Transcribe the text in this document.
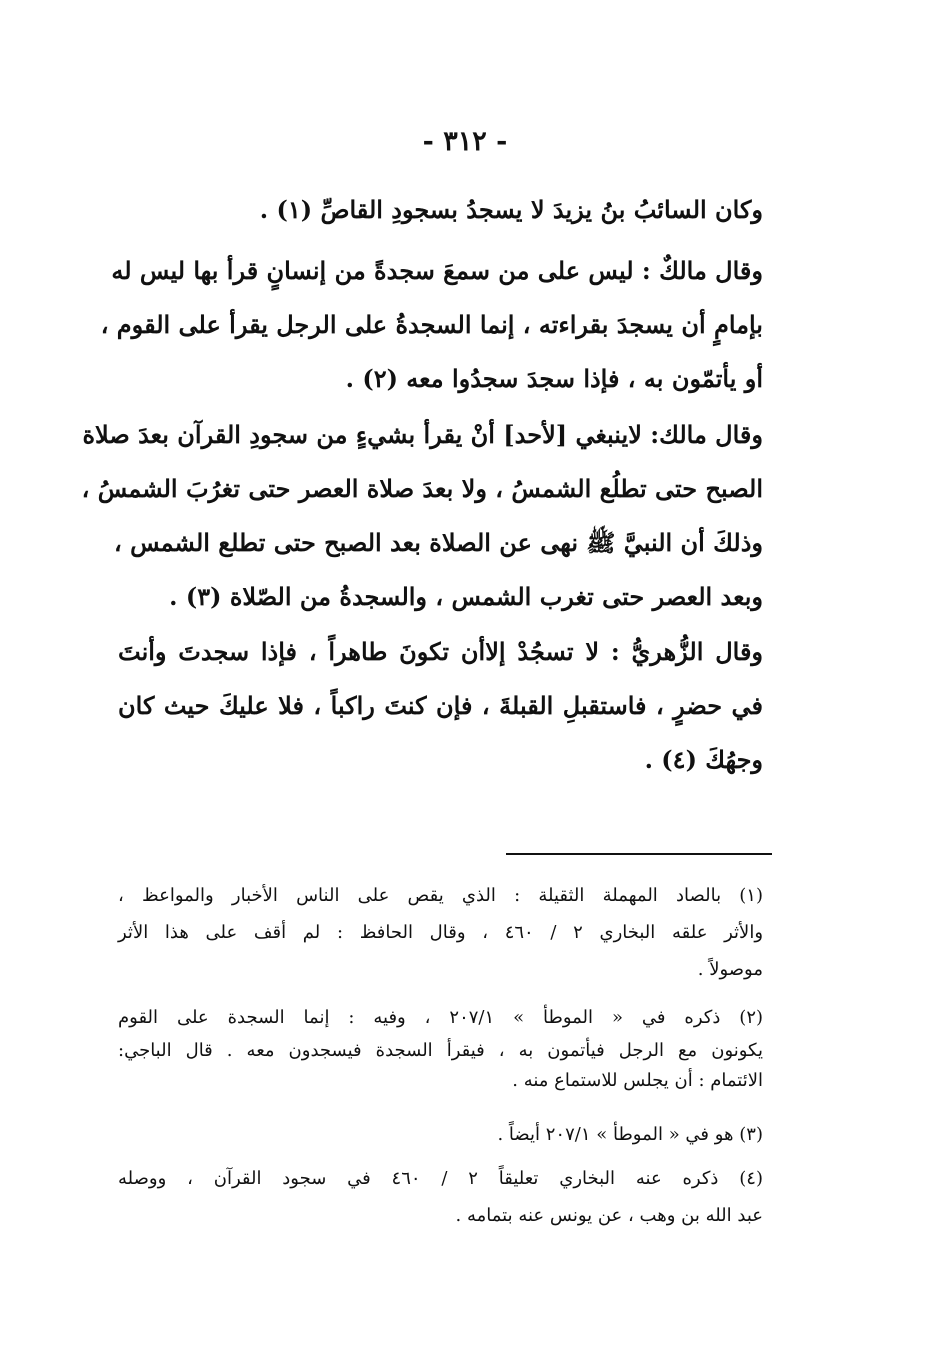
- ٣١٢ -
وكان السائبُ بنُ يزيدَ لا يسجدُ بسجودِ القاصِّ (١) .
وقال مالكٌ : ليس على من سمعَ سجدةً من إنسانٍ قرأ بها ليس له
بإمامٍ أن يسجدَ بقراءته ، إنما السجدةُ على الرجل يقرأ على القوم ،
أو يأتمّون به ، فإذا سجدَ سجدُوا معه (٢) .
وقال مالك: لاينبغي [لأحد] أنْ يقرأ بشيءٍ من سجودِ القرآن بعدَ صلاة
الصبح حتى تطلُع الشمسُ ، ولا بعدَ صلاة العصر حتى تغرُبَ الشمسُ ،
وذلكَ أن النبيَّ ﷺ نهى عن الصلاة بعد الصبح حتى تطلع الشمس ،
وبعد العصر حتى تغرب الشمس ، والسجدةُ من الصّلاة (٣) .
وقال الزُّهريُّ : لا تسجُدْ إلاأن تكونَ طاهراً ، فإذا سجدتَ وأنتَ
في حضرٍ ، فاستقبلِ القبلةَ ، فإن كنتَ راكباً ، فلا عليكَ حيث كان
وجهُكَ (٤) .
(١) بالصاد المهملة الثقيلة : الذي يقص على الناس الأخبار والمواعظ ،
والأثر علقه البخاري ٢ / ٤٦٠ ، وقال الحافظ : لم أقف على هذا الأثر
موصولاً .
(٢) ذكره في « الموطأ » ٢٠٧/١ ، وفيه : إنما السجدة على القوم
يكونون مع الرجل فيأتمون به ، فيقرأ السجدة فيسجدون معه . قال الباجي:
الائتمام : أن يجلس للاستماع منه .
(٣) هو في « الموطأ » ٢٠٧/١ أيضاً .
(٤) ذكره عنه البخاري تعليقاً ٢ / ٤٦٠ في سجود القرآن ، ووصله
عبد الله بن وهب ، عن يونس عنه بتمامه .
